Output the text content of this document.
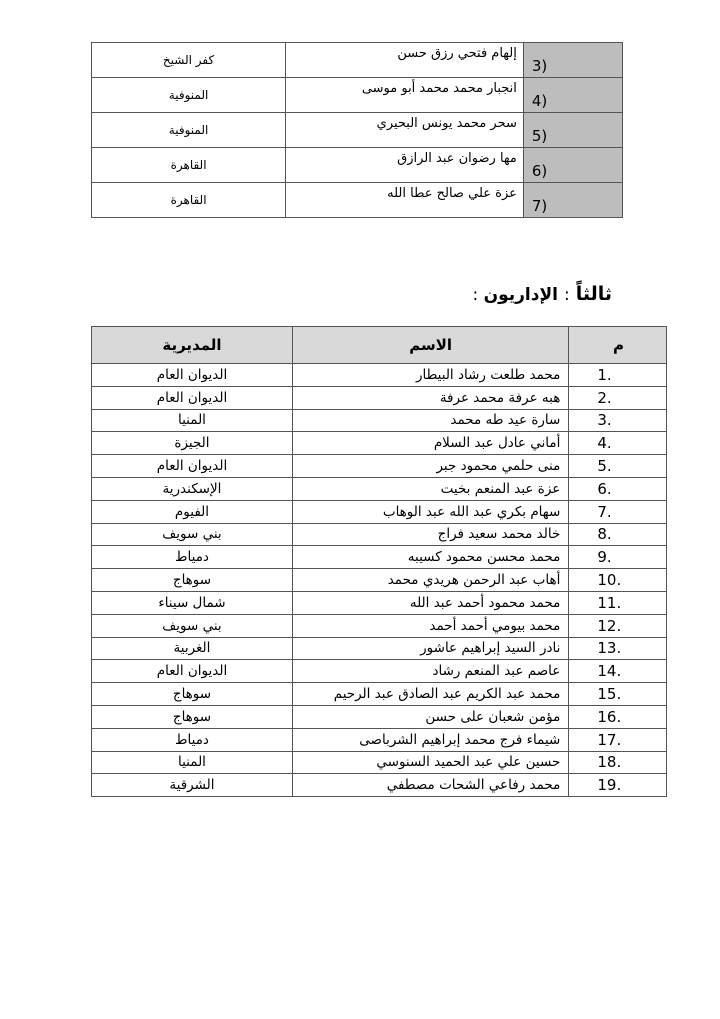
(3	إلهام فتحي رزق حسن	كفر الشيخ
(4	انجبار محمد محمد أبو موسى	المنوفية
(5	سحر محمد يونس البحيري	المنوفية
(6	مها رضوان عبد الرازق	القاهرة
(7	عزة علي صالح عطا الله	القاهرة
ثالثاً:الإداريون :
م	الاسم	المديرية
.1	محمد طلعت رشاد البيطار	الديوان العام
.2	هبه عرفة محمد عرفة	الديوان العام
.3	سارة عيد طه محمد	المنيا
.4	أماني عادل عبد السلام	الجيزة
.5	منى حلمي محمود جبر	الديوان العام
.6	عزة عبد المنعم بخيت	الإسكندرية
.7	سهام بكري عبد الله عبد الوهاب	الفيوم
.8	خالد محمد سعيد فراج	بني سويف
.9	محمد محسن محمود كسيبه	دمياط
.10	أهاب عبد الرحمن هريدي محمد	سوهاج
.11	محمد محمود أحمد عبد الله	شمال سيناء
.12	محمد بيومي أحمد أحمد	بني سويف
.13	نادر السيد إبراهيم عاشور	الغربية
.14	عاصم عبد المنعم رشاد	الديوان العام
.15	محمد عبد الكريم عبد الصادق عبد الرحيم	سوهاج
.16	مؤمن شعبان على حسن	سوهاج
.17	شيماء فرج محمد إبراهيم الشرباصى	دمياط
.18	حسين علي عبد الحميد السنوسي	المنيا
.19	محمد رفاعي الشحات مصطفي	الشرقية
